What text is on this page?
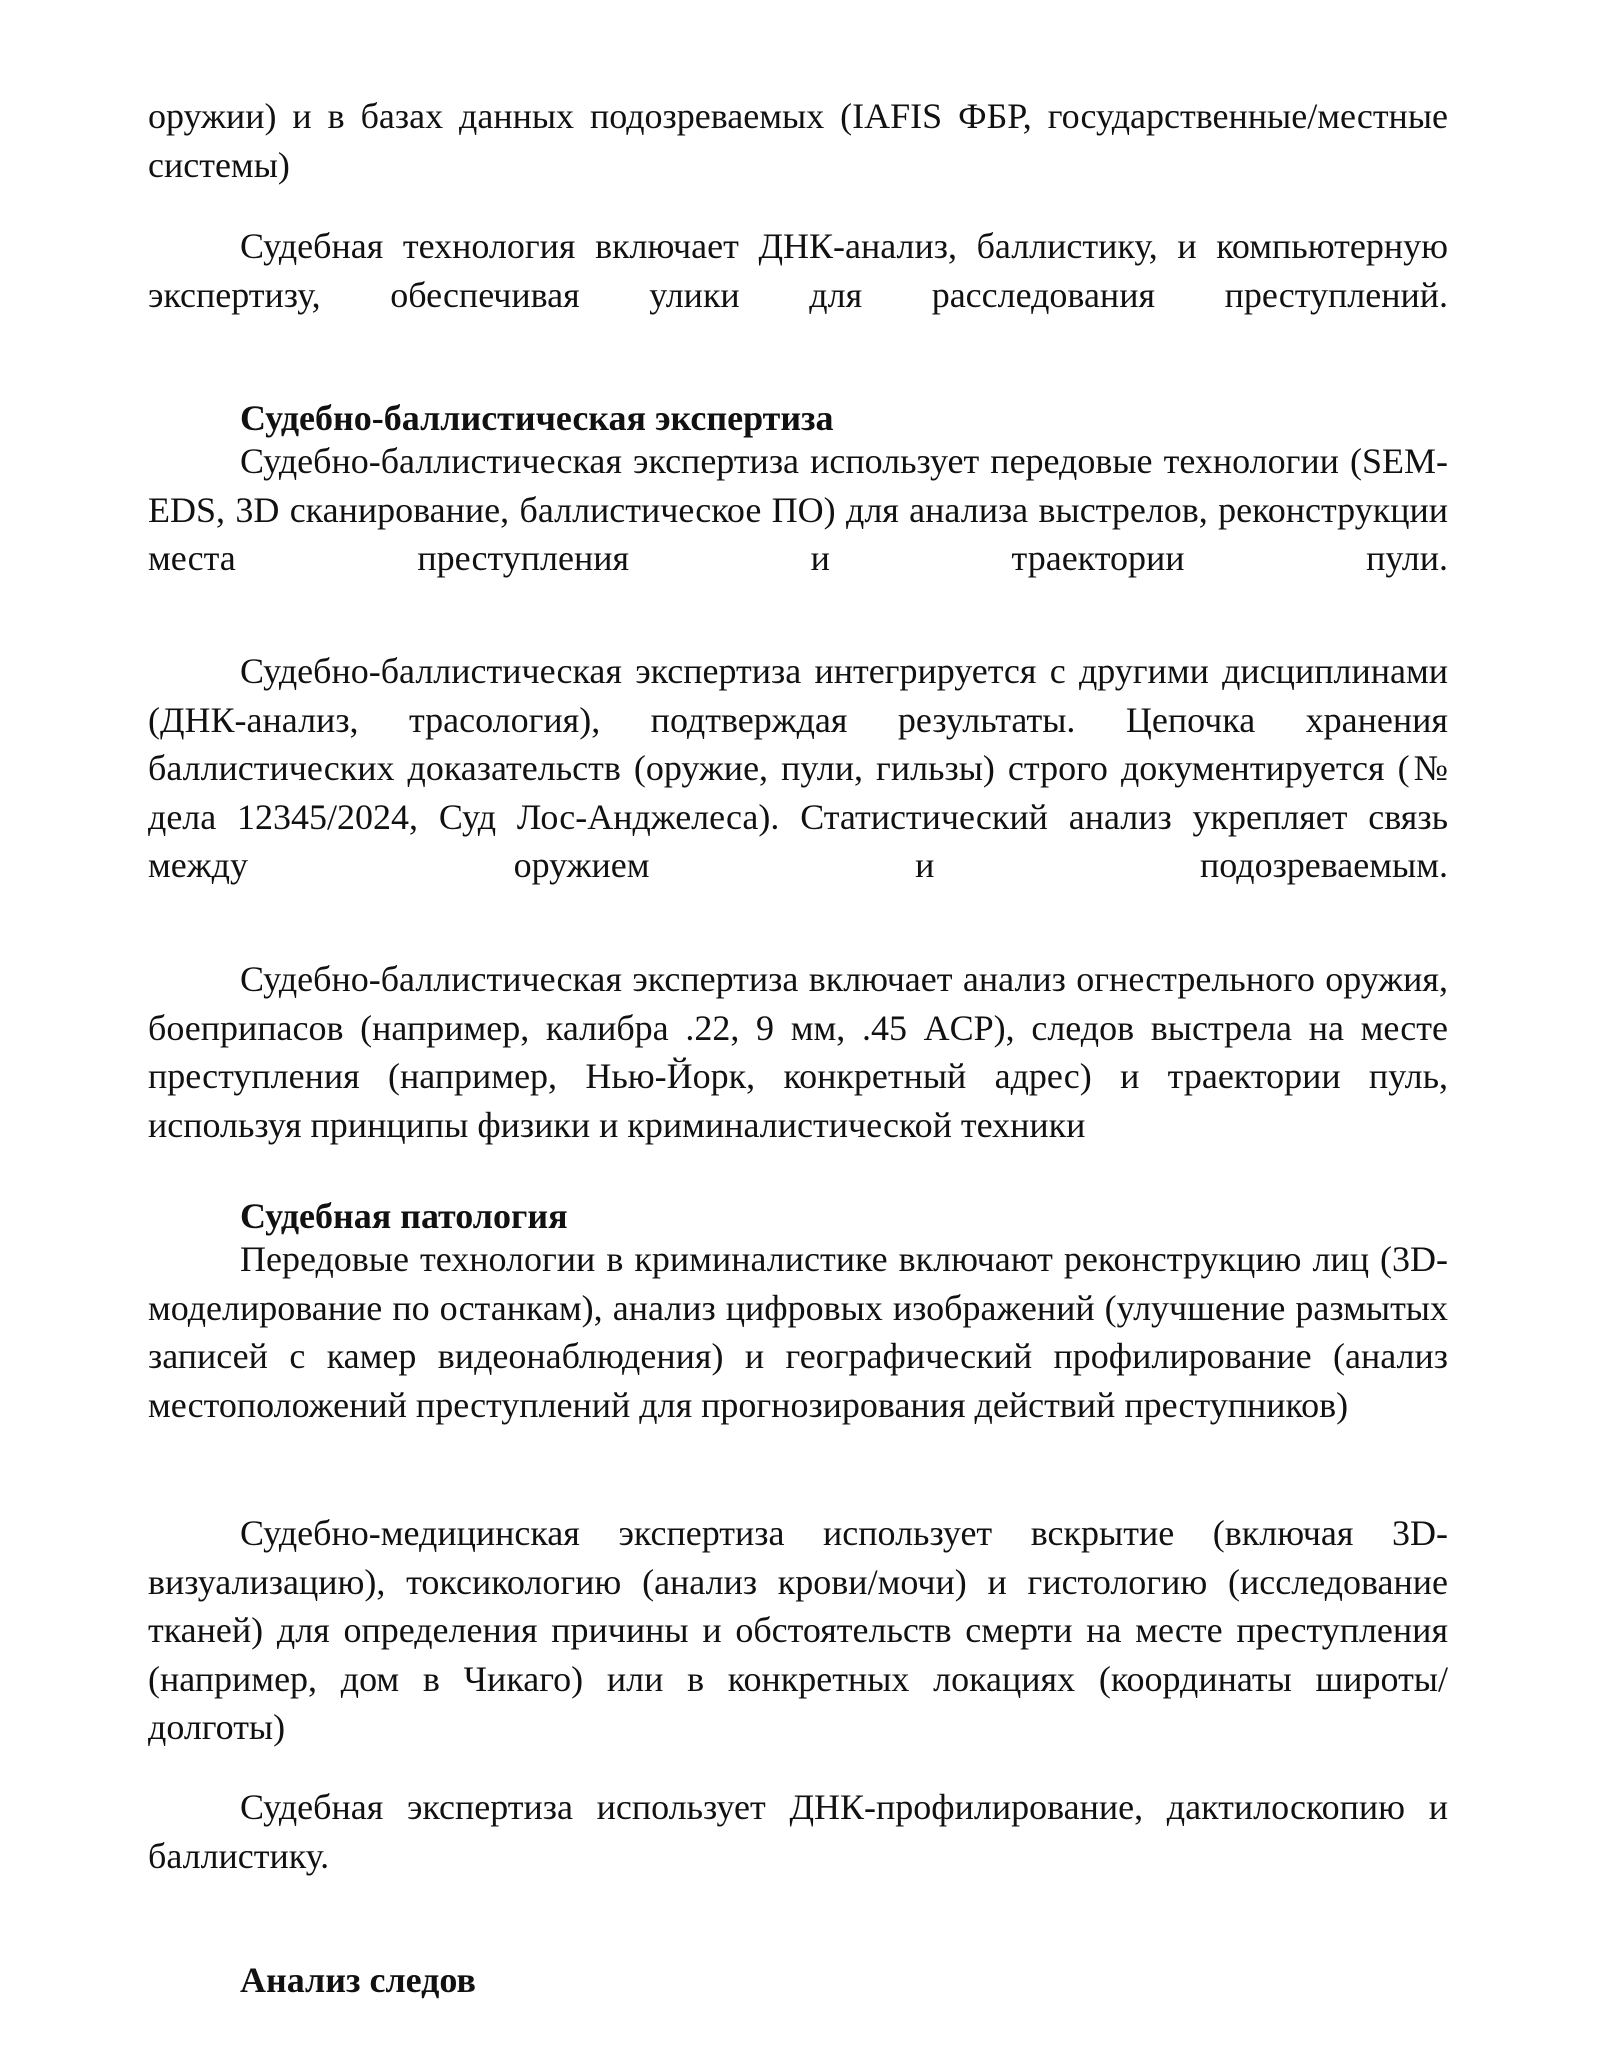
оружии) и в базах данных подозреваемых (IAFIS ФБР, государственные/местные системы)

Судебная технология включает ДНК-анализ, баллистику, и компьютерную экспертизу, обеспечивая улики для расследования преступлений.

Судебно-баллистическая экспертиза

Судебно-баллистическая экспертиза использует передовые технологии (SEM-EDS, 3D сканирование, баллистическое ПО) для анализа выстрелов, реконструкции места преступления и траектории пули.

Судебно-баллистическая экспертиза интегрируется с другими дисциплинами (ДНК-анализ, трасология), подтверждая результаты. Цепочка хранения баллистических доказательств (оружие, пули, гильзы) строго документируется (№ дела 12345/2024, Суд Лос-Анджелеса). Статистический анализ укрепляет связь между оружием и подозреваемым.

Судебно-баллистическая экспертиза включает анализ огнестрельного оружия, боеприпасов (например, калибра .22, 9 мм, .45 ACP), следов выстрела на месте преступления (например, Нью-Йорк, конкретный адрес) и траектории пуль, используя принципы физики и криминалистической техники

Судебная патология

Передовые технологии в криминалистике включают реконструкцию лиц (3D-моделирование по останкам), анализ цифровых изображений (улучшение размытых записей с камер видеонаблюдения) и географический профилирование (анализ местоположений преступлений для прогнозирования действий преступников)

Судебно-медицинская экспертиза использует вскрытие (включая 3D-визуализацию), токсикологию (анализ крови/мочи) и гистологию (исследование тканей) для определения причины и обстоятельств смерти на месте преступления (например, дом в Чикаго) или в конкретных локациях (координаты широты/долготы)

Судебная экспертиза использует ДНК-профилирование, дактилоскопию и баллистику.

Анализ следов
